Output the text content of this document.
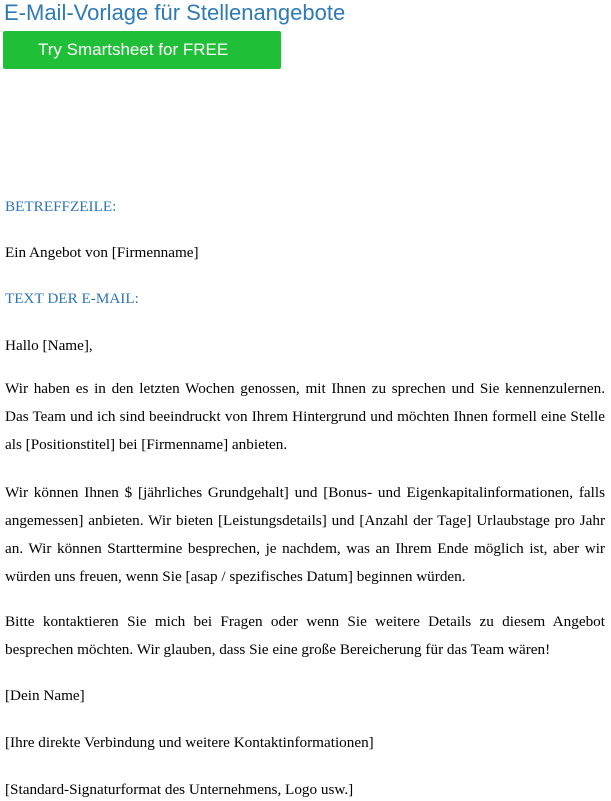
E-Mail-Vorlage für Stellenangebote
Try Smartsheet for FREE

BETREFFZEILE:

Ein Angebot von [Firmenname]

TEXT DER E-MAIL:

Hallo [Name],

Wir haben es in den letzten Wochen genossen, mit Ihnen zu sprechen und Sie kennenzulernen. Das Team und ich sind beeindruckt von Ihrem Hintergrund und möchten Ihnen formell eine Stelle als [Positionstitel] bei [Firmenname] anbieten.

Wir können Ihnen $ [jährliches Grundgehalt] und [Bonus- und Eigenkapitalinformationen, falls angemessen] anbieten. Wir bieten [Leistungsdetails] und [Anzahl der Tage] Urlaubstage pro Jahr an. Wir können Starttermine besprechen, je nachdem, was an Ihrem Ende möglich ist, aber wir würden uns freuen, wenn Sie [asap / spezifisches Datum] beginnen würden.

Bitte kontaktieren Sie mich bei Fragen oder wenn Sie weitere Details zu diesem Angebot besprechen möchten. Wir glauben, dass Sie eine große Bereicherung für das Team wären!

[Dein Name]

[Ihre direkte Verbindung und weitere Kontaktinformationen]

[Standard-Signaturformat des Unternehmens, Logo usw.]
